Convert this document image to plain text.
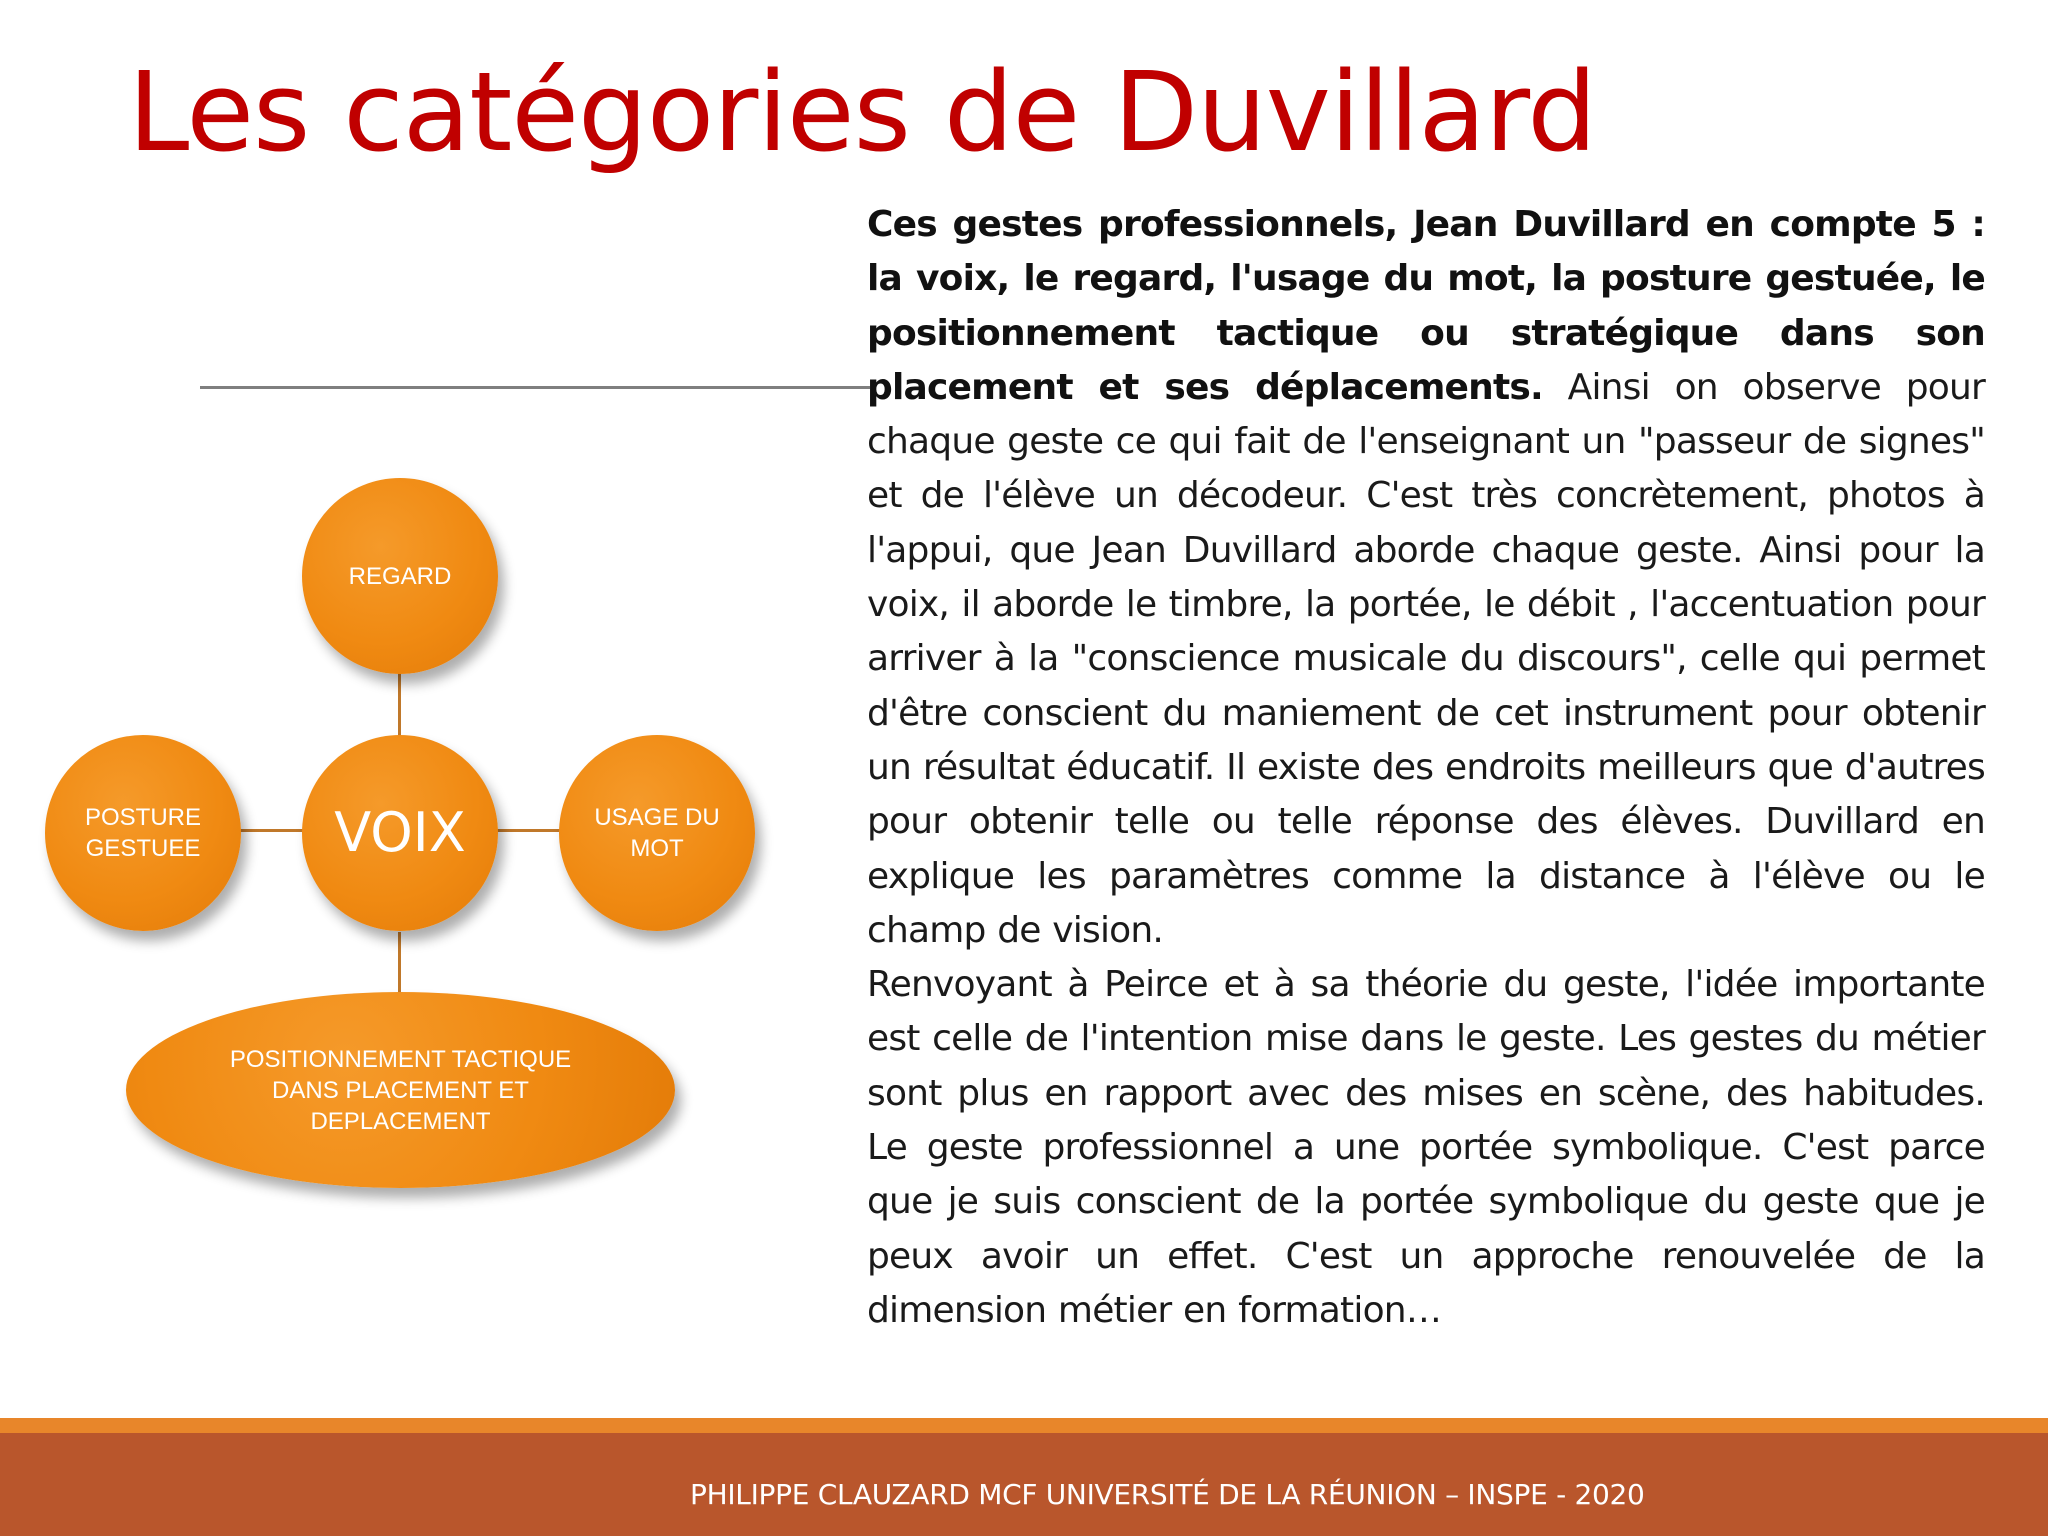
Les catégories de Duvillard
REGARD
POSTURE
GESTUEE VOIX	USAGE DU
MOT
POSITIONNEMENT TACTIQUE
DANS PLACEMENT ET
DEPLACEMENT

Ces gestes professionnels, Jean Duvillard en compte 5 : la voix, le regard, l'usage du mot, la posture gestuée, le positionnement tactique ou stratégique dans son placement et ses déplacements. Ainsi on observe pour chaque geste ce qui fait de l'enseignant un "passeur de signes" et de l'élève un décodeur. C'est très concrètement, photos à l'appui, que Jean Duvillard aborde chaque geste. Ainsi pour la voix, il aborde le timbre, la portée, le débit , l'accentuation pour arriver à la "conscience musicale du discours", celle qui permet d'être conscient du maniement de cet instrument pour obtenir un résultat éducatif. Il existe des endroits meilleurs que d'autres pour obtenir telle ou telle réponse des élèves. Duvillard en explique les paramètres comme la distance à l'élève ou le champ de vision.

Renvoyant à Peirce et à sa théorie du geste, l'idée importante est celle de l'intention mise dans le geste. Les gestes du métier sont plus en rapport avec des mises en scène, des habitudes. Le geste professionnel a une portée symbolique. C'est parce que je suis conscient de la portée symbolique du geste que je peux avoir un effet. C'est un approche renouvelée de la dimension métier en formation…

PHILIPPE CLAUZARD MCF UNIVERSITÉ DE LA RÉUNION – INSPE - 2020
